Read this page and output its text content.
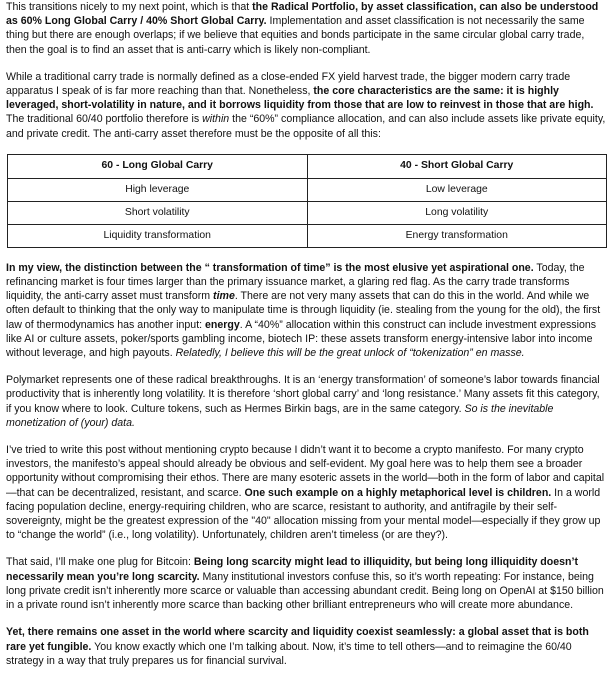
This transitions nicely to my next point, which is that the Radical Portfolio, by asset classification, can also be understood as 60% Long Global Carry / 40% Short Global Carry. Implementation and asset classification is not necessarily the same thing but there are enough overlaps; if we believe that equities and bonds participate in the same circular global carry trade, then the goal is to find an asset that is anti-carry which is likely non-compliant.

While a traditional carry trade is normally defined as a close-ended FX yield harvest trade, the bigger modern carry trade apparatus I speak of is far more reaching than that. Nonetheless, the core characteristics are the same: it is highly leveraged, short-volatility in nature, and it borrows liquidity from those that are low to reinvest in those that are high. The traditional 60/40 portfolio therefore is within the “60%” compliance allocation, and can also include assets like private equity, and private credit. The anti-carry asset therefore must be the opposite of all this:

60 - Long Global Carry	40 - Short Global Carry
High leverage	Low leverage
Short volatility	Long volatility
Liquidity transformation	Energy transformation

In my view, the distinction between the “ transformation of time” is the most elusive yet aspirational one. Today, the refinancing market is four times larger than the primary issuance market, a glaring red flag. As the carry trade transforms liquidity, the anti-carry asset must transform time. There are not very many assets that can do this in the world. And while we often default to thinking that the only way to manipulate time is through liquidity (ie. stealing from the young for the old), the first law of thermodynamics has another input: energy. A “40%” allocation within this construct can include investment expressions like AI or culture assets, poker/sports gambling income, biotech IP: these assets transform energy-intensive labor into income without leverage, and high payouts. Relatedly, I believe this will be the great unlock of “tokenization” en masse.

Polymarket represents one of these radical breakthroughs. It is an ‘energy transformation’ of someone’s labor towards financial productivity that is inherently long volatility. It is therefore ‘short global carry’ and ‘long resistance.’ Many assets fit this category, if you know where to look. Culture tokens, such as Hermes Birkin bags, are in the same category. So is the inevitable monetization of (your) data.

I’ve tried to write this post without mentioning crypto because I didn’t want it to become a crypto manifesto. For many crypto investors, the manifesto’s appeal should already be obvious and self-evident. My goal here was to help them see a broader opportunity without compromising their ethos. There are many esoteric assets in the world—both in the form of labor and capital—that can be decentralized, resistant, and scarce. One such example on a highly metaphorical level is children. In a world facing population decline, energy-requiring children, who are scarce, resistant to authority, and antifragile by their self-sovereignty, might be the greatest expression of the "40" allocation missing from your mental model—especially if they grow up to “change the world” (i.e., long volatility). Unfortunately, children aren’t timeless (or are they?).

That said, I’ll make one plug for Bitcoin: Being long scarcity might lead to illiquidity, but being long illiquidity doesn’t necessarily mean you’re long scarcity. Many institutional investors confuse this, so it’s worth repeating: For instance, being long private credit isn’t inherently more scarce or valuable than accessing abundant credit. Being long on OpenAI at $150 billion in a private round isn’t inherently more scarce than backing other brilliant entrepreneurs who will create more abundance.

Yet, there remains one asset in the world where scarcity and liquidity coexist seamlessly: a global asset that is both rare yet fungible. You know exactly which one I’m talking about. Now, it’s time to tell others—and to reimagine the 60/40 strategy in a way that truly prepares us for financial survival.
